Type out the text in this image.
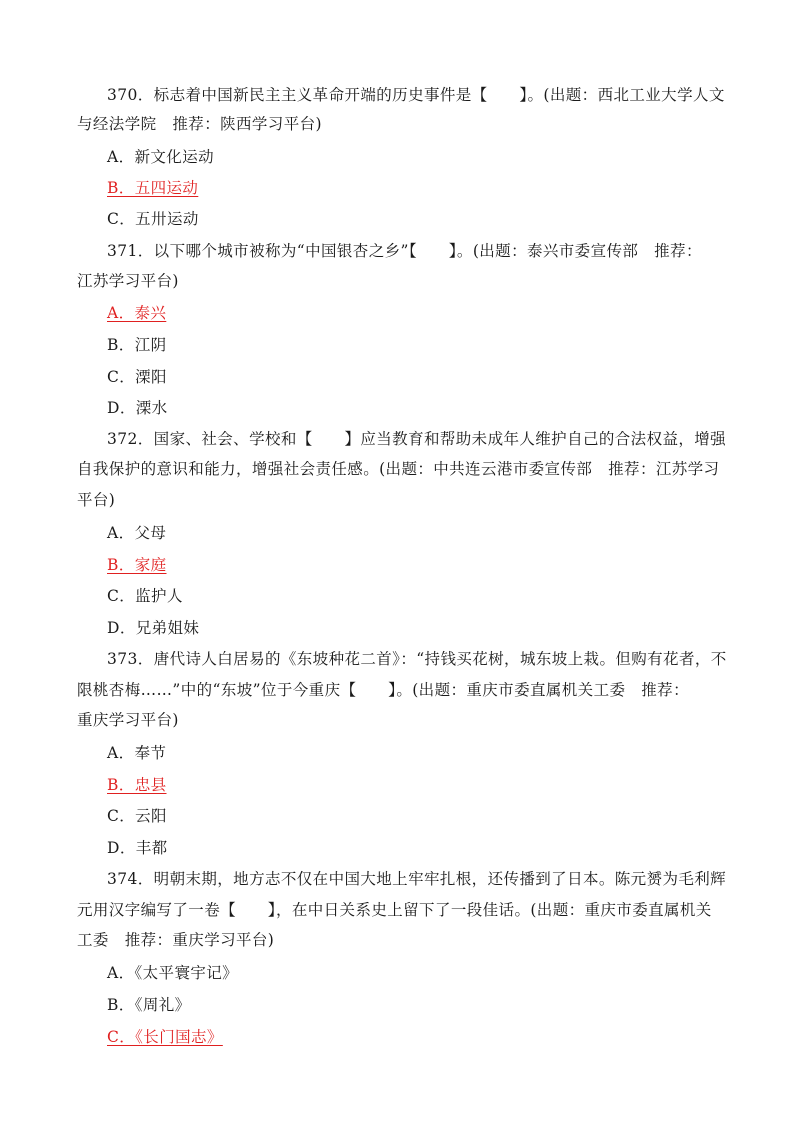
370．标志着中国新民主主义革命开端的历史事件是【　　】。(出题：西北工业大学人文
与经法学院　推荐：陕西学习平台)
A．新文化运动
B．五四运动
C．五卅运动
371．以下哪个城市被称为“中国银杏之乡”【　　】。(出题：泰兴市委宣传部　推荐：
江苏学习平台)
A．泰兴
B．江阴
C．溧阳
D．溧水
372．国家、社会、学校和【　　】应当教育和帮助未成年人维护自己的合法权益，增强
自我保护的意识和能力，增强社会责任感。(出题：中共连云港市委宣传部　推荐：江苏学习
平台)
A．父母
B．家庭
C．监护人
D．兄弟姐妹
373．唐代诗人白居易的《东坡种花二首》：“持钱买花树，城东坡上栽。但购有花者，不
限桃杏梅……”中的“东坡”位于今重庆【　　】。(出题：重庆市委直属机关工委　推荐：
重庆学习平台)
A．奉节
B．忠县
C．云阳
D．丰都
374．明朝末期，地方志不仅在中国大地上牢牢扎根，还传播到了日本。陈元赟为毛利辉
元用汉字编写了一卷【　　】，在中日关系史上留下了一段佳话。(出题：重庆市委直属机关
工委　推荐：重庆学习平台)
A．《太平寰宇记》
B．《周礼》
C．《长门国志》
